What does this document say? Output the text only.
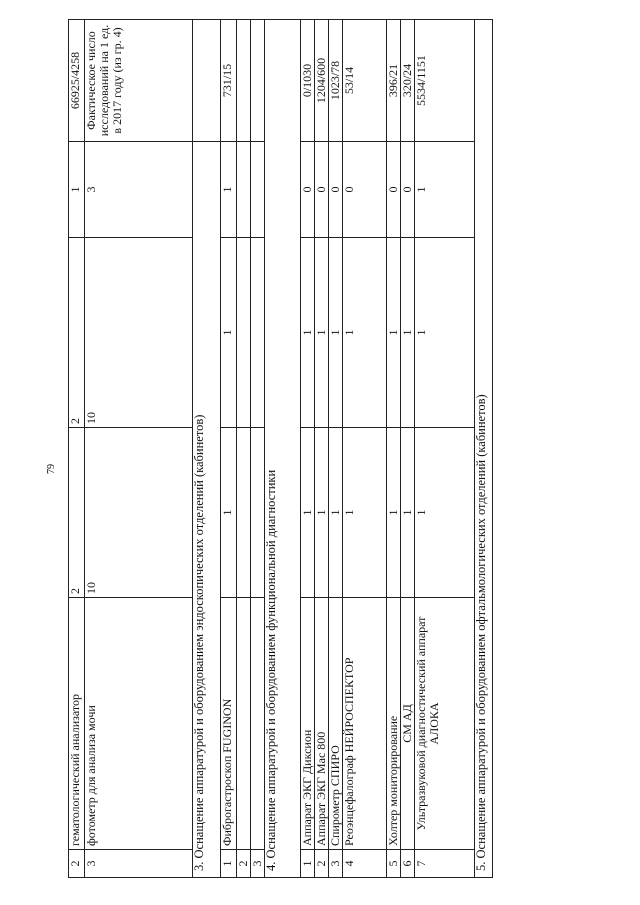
79
2	гематологический анализатор	2	2	1	66925/4258
3	фотометр для анализа мочи	10	10	3	Фактическое число исследований на 1 ед. в 2017 году (из гр. 4)
3. Оснащение аппаратурой и оборудованием эндоскопических отделений (кабинетов)					
1	Фиброгастроскоп FUGINON	1	1	1	731/15
2					
3					
4. Оснащение аппаратурой и оборудованием функциональной диагностики					
1	Аппарат ЭКГ Диксион	1	1	0	0/1030
2	Аппарат ЭКГ Мас 800	1	1	0	1204/600
3	Спирометр СПИРО	1	1	0	1023/78
4	Реоэнцефалограф НЕЙРОСПЕКТОР	1	1	0	53/14
5	Холтер мониторирование	1	1	0	396/21
6	СМ АД	1	1	0	320/24
7	Ультразвуковой диагностический аппарат АЛОКА	1	1	1	5534/1151
5. Оснащение аппаратурой и оборудованием офтальмологических отделений (кабинетов)					
